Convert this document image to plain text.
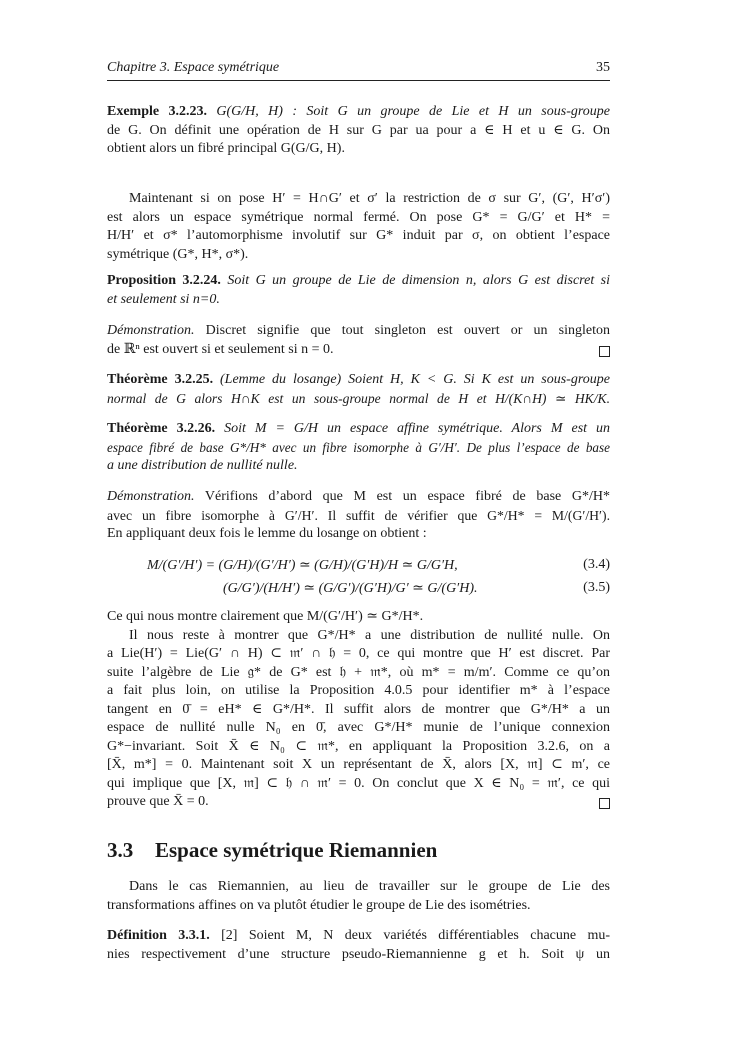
Chapitre 3. Espace symétrique	35
Exemple 3.2.23. G(G/H, H) : Soit G un groupe de Lie et H un sous-groupe
de G. On définit une opération de H sur G par ua pour a ∈ H et u ∈ G. On
obtient alors un fibré principal G(G/G, H).
Maintenant si on pose H′ = H∩G′ et σ′ la restriction de σ sur G′, (G′, H′σ′)
est alors un espace symétrique normal fermé. On pose G* = G/G′ et H* =
H/H′ et σ* l’automorphisme involutif sur G* induit par σ, on obtient l’espace
symétrique (G*, H*, σ*).
Proposition 3.2.24. Soit G un groupe de Lie de dimension n, alors G est discret si
et seulement si n=0.
Démonstration. Discret signifie que tout singleton est ouvert or un singleton
de ℝⁿ est ouvert si et seulement si n = 0.
Théorème 3.2.25. (Lemme du losange) Soient H, K < G. Si K est un sous-groupe
normal de G alors H∩K est un sous-groupe normal de H et H/(K∩H) ≃ HK/K.
Théorème 3.2.26. Soit M = G/H un espace affine symétrique. Alors M est un
espace fibré de base G*/H* avec un fibre isomorphe à G′/H′. De plus l’espace de base
a une distribution de nullité nulle.
Démonstration. Vérifions d’abord que M est un espace fibré de base G*/H*
avec un fibre isomorphe à G′/H′. Il suffit de vérifier que G*/H* = M/(G′/H′).
En appliquant deux fois le lemme du losange on obtient :
M/(G′/H′) = (G/H)/(G′/H′) ≃ (G/H)/(G′H)/H ≃ G/G′H,	(3.4)
(G/G′)/(H/H′) ≃ (G/G′)/(G′H)/G′ ≃ G/(G′H).	(3.5)
Ce qui nous montre clairement que M/(G′/H′) ≃ G*/H*.
Il nous reste à montrer que G*/H* a une distribution de nullité nulle. On
a Lie(H′) = Lie(G′ ∩ H) ⊂ 𝔪′ ∩ 𝔥 = 0, ce qui montre que H′ est discret. Par
suite l’algèbre de Lie 𝔤* de G* est 𝔥 + 𝔪*, où m* = m/m′. Comme ce qu’on
a fait plus loin, on utilise la Proposition 4.0.5 pour identifier m* à l’espace
tangent en 0̄ = eH* ∈ G*/H*. Il suffit alors de montrer que G*/H* a un
espace de nullité nulle N₀ en 0̄, avec G*/H* munie de l’unique connexion
G*−invariant. Soit X̄ ∈ N₀ ⊂ 𝔪*, en appliquant la Proposition 3.2.6, on a
[X̄, m*] = 0. Maintenant soit X un représentant de X̄, alors [X, 𝔪] ⊂ m′, ce
qui implique que [X, 𝔪] ⊂ 𝔥 ∩ 𝔪′ = 0. On conclut que X ∈ N₀ = 𝔪′, ce qui
prouve que X̄ = 0.
3.3 Espace symétrique Riemannien
Dans le cas Riemannien, au lieu de travailler sur le groupe de Lie des
transformations affines on va plutôt étudier le groupe de Lie des isométries.
Définition 3.3.1. [2] Soient M, N deux variétés différentiables chacune mu-
nies respectivement d’une structure pseudo-Riemannienne g et h. Soit ψ un
